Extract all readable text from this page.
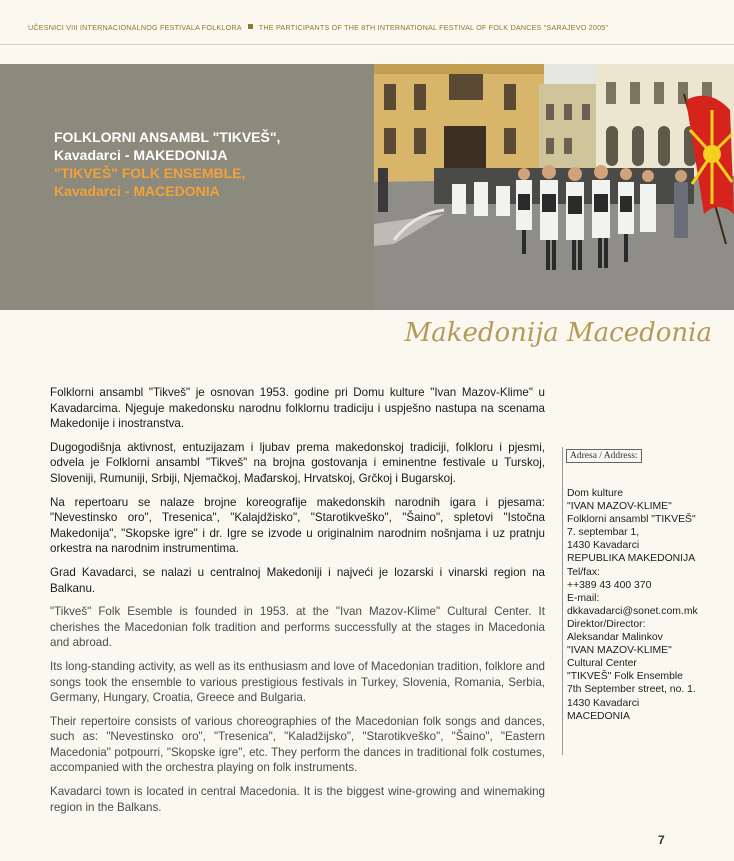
UČESNICI VIII INTERNACIONALNOG FESTIVALA FOLKLORA THE PARTICIPANTS OF THE 8TH INTERNATIONAL FESTIVAL OF FOLK DANCES "SARAJEVO 2005"
FOLKLORNI ANSAMBL "TIKVEŠ",
Kavadarci - MAKEDONIJA
"TIKVEŠ" FOLK ENSEMBLE,
Kavadarci - MACEDONIA
Makedonija Macedonia

Folklorni ansambl "Tikveš" je osnovan 1953. godine pri Domu kulture "Ivan Mazov-Klime" u Kavadarcima. Njeguje makedonsku narodnu folklornu tradiciju i uspješno nastupa na scenama Makedonije i inostranstva.

Dugogodišnja aktivnost, entuzijazam i ljubav prema makedonskoj tradiciji, folkloru i pjesmi, odvela je Folklorni ansambl "Tikveš" na brojna gostovanja i eminentne festivale u Turskoj, Sloveniji, Rumuniji, Srbiji, Njemačkoj, Mađarskoj, Hrvatskoj, Grčkoj i Bugarskoj.

Na repertoaru se nalaze brojne koreografije makedonskih narodnih igara i pjesama: "Nevestinsko oro", Tresenica", "Kalajdžisko", "Starotikveško", "Šaino", spletovi "Istočna Makedonija", "Skopske igre" i dr. Igre se izvode u originalnim narodnim nošnjama i uz pratnju orkestra na narodnim instrumentima.

Grad Kavadarci, se nalazi u centralnoj Makedoniji i najveći je lozarski i vinarski region na Balkanu.

"Tikveš" Folk Esemble is founded in 1953. at the "Ivan Mazov-Klime" Cultural Center. It cherishes the Macedonian folk tradition and performs successfully at the stages in Macedonia and abroad.

Its long-standing activity, as well as its enthusiasm and love of Macedonian tradition, folklore and songs took the ensemble to various prestigious festivals in Turkey, Slovenia, Romania, Serbia, Germany, Hungary, Croatia, Greece and Bulgaria.

Their repertoire consists of various choreographies of the Macedonian folk songs and dances, such as: "Nevestinsko oro", "Tresenica", "Kaladžijsko", "Starotikveško", "Šaino", "Eastern Macedonia" potpourri, "Skopske igre", etc. They perform the dances in traditional folk costumes, accompanied with the orchestra playing on folk instruments.

Kavadarci town is located in central Macedonia. It is the biggest wine-growing and winemaking region in the Balkans.

Adresa / Address:
Dom kulture
"IVAN MAZOV-KLIME"
Folklorni ansambl "TIKVEŠ"
7. septembar 1,
1430 Kavadarci
REPUBLIKA MAKEDONIJA
Tel/fax:
++389 43 400 370
E-mail:
dkkavadarci@sonet.com.mk
Direktor/Director:
Aleksandar Malinkov
"IVAN MAZOV-KLIME"
Cultural Center
"TIKVEŠ" Folk Ensemble
7th September street, no. 1.
1430 Kavadarci
MACEDONIA
7
